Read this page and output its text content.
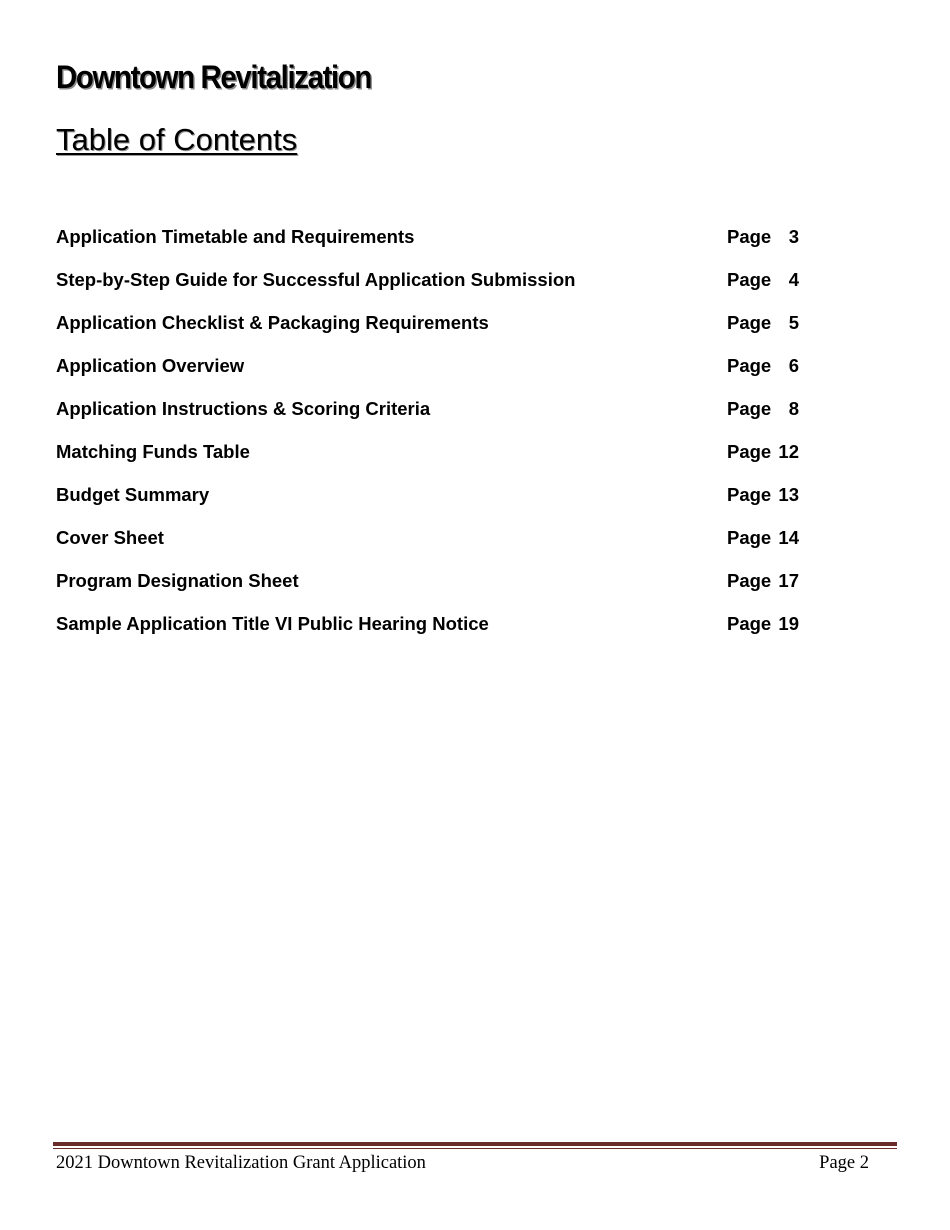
Downtown Revitalization
Table of Contents
Application Timetable and Requirements	Page 3
Step-by-Step Guide for Successful Application Submission	Page 4
Application Checklist & Packaging Requirements	Page 5
Application Overview	Page 6
Application Instructions & Scoring Criteria	Page 8
Matching Funds Table	Page 12
Budget Summary	Page 13
Cover Sheet	Page 14
Program Designation Sheet	Page 17
Sample Application Title VI Public Hearing Notice	Page 19
2021 Downtown Revitalization Grant Application	Page 2
